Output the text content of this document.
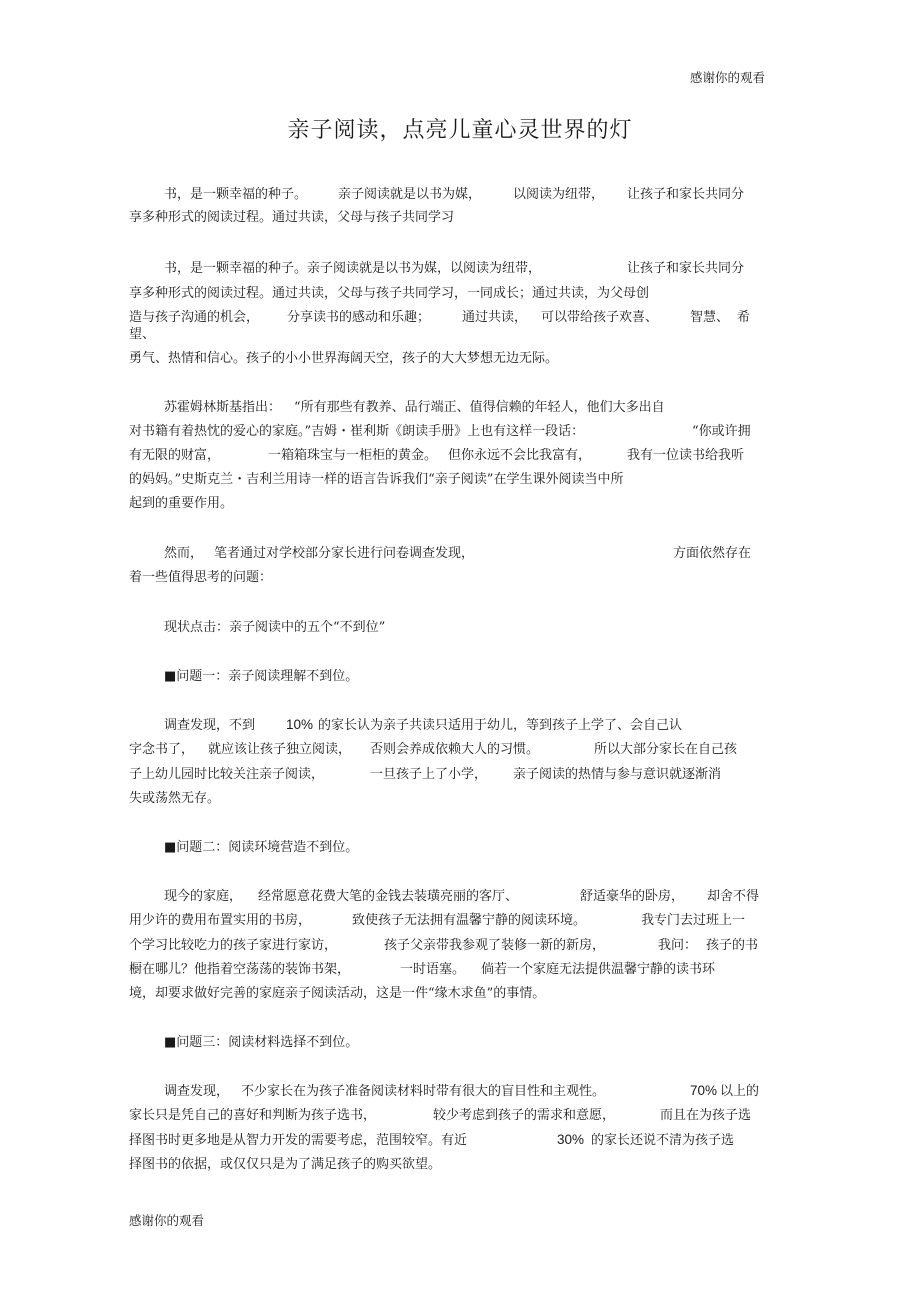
感谢你的观看
亲子阅读，点亮儿童心灵世界的灯
书，是一颗幸福的种子。 亲子阅读就是以书为媒， 以阅读为纽带， 让孩子和家长共同分
享多种形式的阅读过程。通过共读，父母与孩子共同学习
书，是一颗幸福的种子。亲子阅读就是以书为媒，以阅读为纽带，	让孩子和家长共同分
享多种形式的阅读过程。通过共读，父母与孩子共同学习，一同成长；通过共读，为父母创
造与孩子沟通的机会， 分享读书的感动和乐趣； 通过共读， 可以带给孩子欢喜、 智慧、 希
望、
勇气、热情和信心。孩子的小小世界海阔天空，孩子的大大梦想无边无际。
苏霍姆林斯基指出： “所有那些有教养、品行端正、值得信赖的年轻人，他们大多出自
对书籍有着热忱的爱心的家庭。”吉姆・崔利斯《朗读手册》上也有这样一段话：	“你或许拥
有无限的财富，	一箱箱珠宝与一柜柜的黄金。 但你永远不会比我富有，	我有一位读书给我听
的妈妈。”史斯克兰・吉利兰用诗一样的语言告诉我们“亲子阅读”在学生课外阅读当中所
起到的重要作用。
然而， 笔者通过对学校部分家长进行问卷调查发现，	方面依然存在
着一些值得思考的问题：
现状点击：亲子阅读中的五个“不到位”
■问题一：亲子阅读理解不到位。
调查发现，不到 10% 的家长认为亲子共读只适用于幼儿，等到孩子上学了、会自己认
字念书了， 就应该让孩子独立阅读， 否则会养成依赖大人的习惯。	所以大部分家长在自己孩
子上幼儿园时比较关注亲子阅读，	一旦孩子上了小学， 亲子阅读的热情与参与意识就逐渐消
失或荡然无存。
■问题二：阅读环境营造不到位。
现今的家庭， 经常愿意花费大笔的金钱去装璜亮丽的客厅、	舒适豪华的卧房， 却舍不得
用少许的费用布置实用的书房，	致使孩子无法拥有温馨宁静的阅读环境。	我专门去过班上一
个学习比较吃力的孩子家进行家访，	孩子父亲带我参观了装修一新的新房，	我问： 孩子的书
橱在哪儿？他指着空荡荡的装饰书架，	一时语塞。 倘若一个家庭无法提供温馨宁静的读书环
境，却要求做好完善的家庭亲子阅读活动，这是一件“缘木求鱼”的事情。
■问题三：阅读材料选择不到位。
调查发现， 不少家长在为孩子准备阅读材料时带有很大的盲目性和主观性。	70% 以上的
家长只是凭自己的喜好和判断为孩子选书，	较少考虑到孩子的需求和意愿，	而且在为孩子选
择图书时更多地是从智力开发的需要考虑，范围较窄。有近	30% 的家长还说不清为孩子选
择图书的依据，或仅仅只是为了满足孩子的购买欲望。
感谢你的观看
